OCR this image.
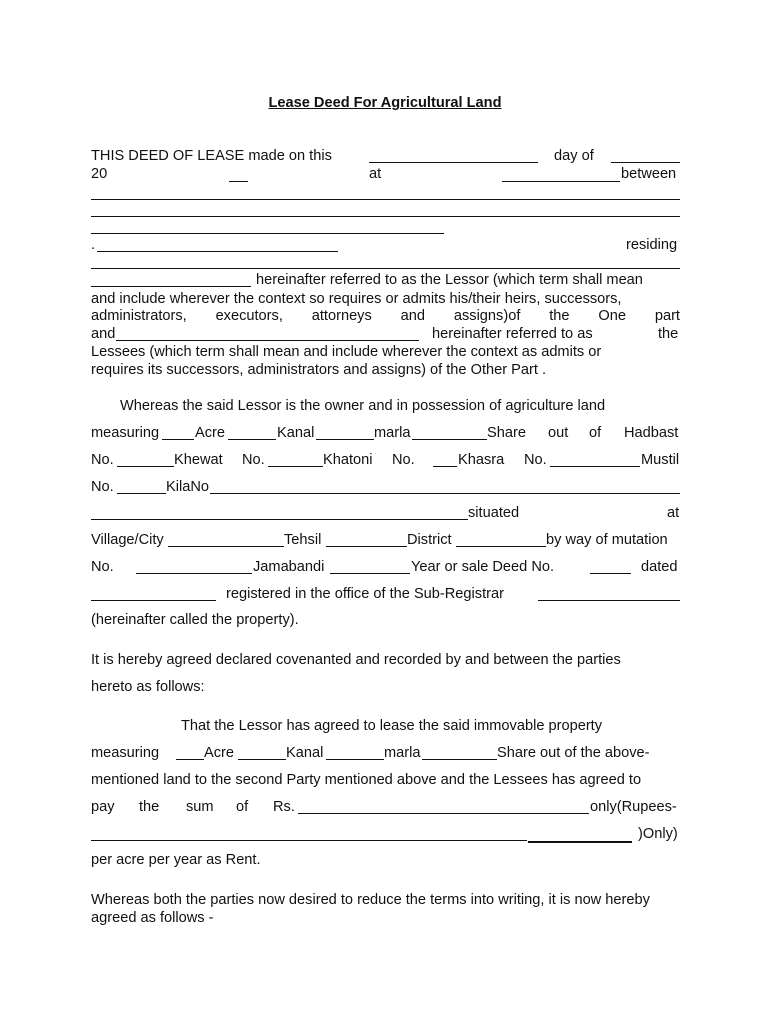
Lease Deed For Agricultural Land
THIS DEED OF LEASE made on this	day of
20	at	between
.	residing
hereinafter referred to as the Lessor (which term shall mean
and include wherever the context so requires or admits his/their heirs, successors,
administrators, executors, attorneys and assigns)of the One part
and	hereinafter referred to as	the
Lessees (which term shall mean and include wherever the context as admits or
requires its successors, administrators and assigns) of the Other Part .
Whereas the said Lessor is the owner and in possession of agriculture land
measuring Acre	Kanal	marla	Share out of Hadbast
No.	Khewat No.	Khatoni No.	Khasra No.	Mustil
No.	KilaNo
situated	at
Village/City	Tehsil	District	by way of mutation
No.	Jamabandi	Year or sale Deed No.	dated
registered in the office of the Sub-Registrar
(hereinafter called the property).
It is hereby agreed declared covenanted and recorded by and between the parties
hereto as follows:
That the Lessor has agreed to lease the said immovable property
measuring	Acre	Kanal	marla	Share out of the above-
mentioned land to the second Party mentioned above and the Lessees has agreed to
pay the sum of Rs.	only(Rupees-
)Only)
per acre per year as Rent.
Whereas both the parties now desired to reduce the terms into writing, it is now hereby
agreed as follows -
